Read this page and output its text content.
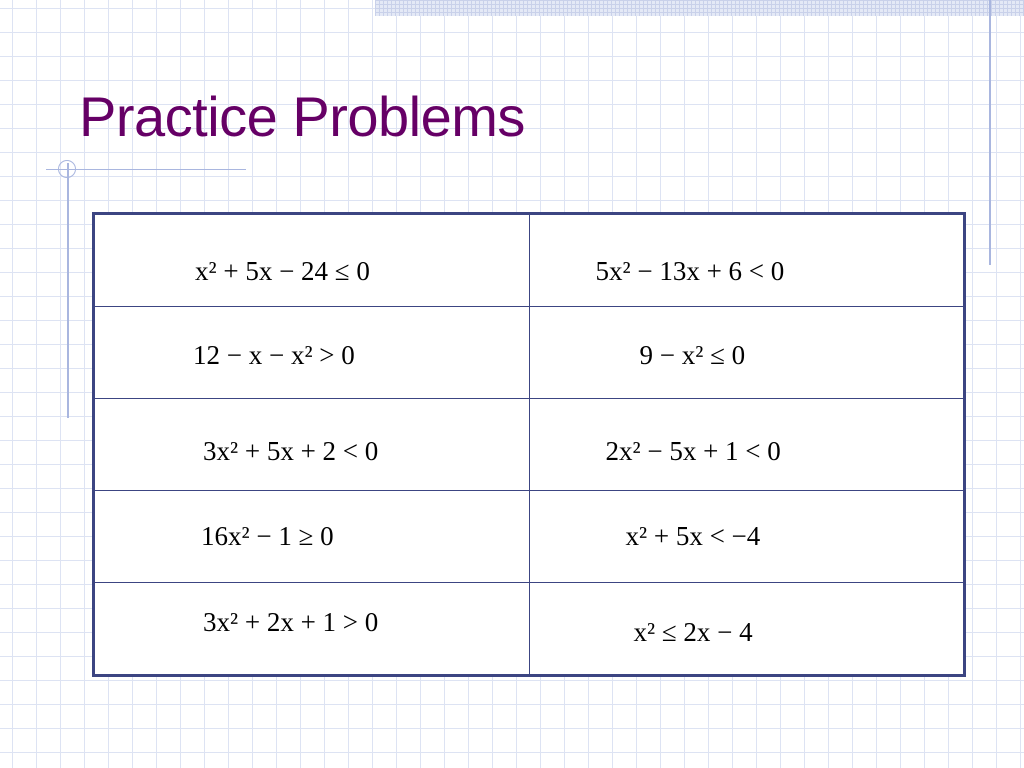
Practice Problems
x² + 5x − 24 ≤ 0	5x² − 13x + 6 < 0

12 − x − x² > 0	9 − x² ≤ 0

3x² + 5x + 2 < 0	2x² − 5x + 1 < 0

16x² − 1 ≥ 0	x² + 5x < −4

3x² + 2x + 1 > 0	x² ≤ 2x − 4
